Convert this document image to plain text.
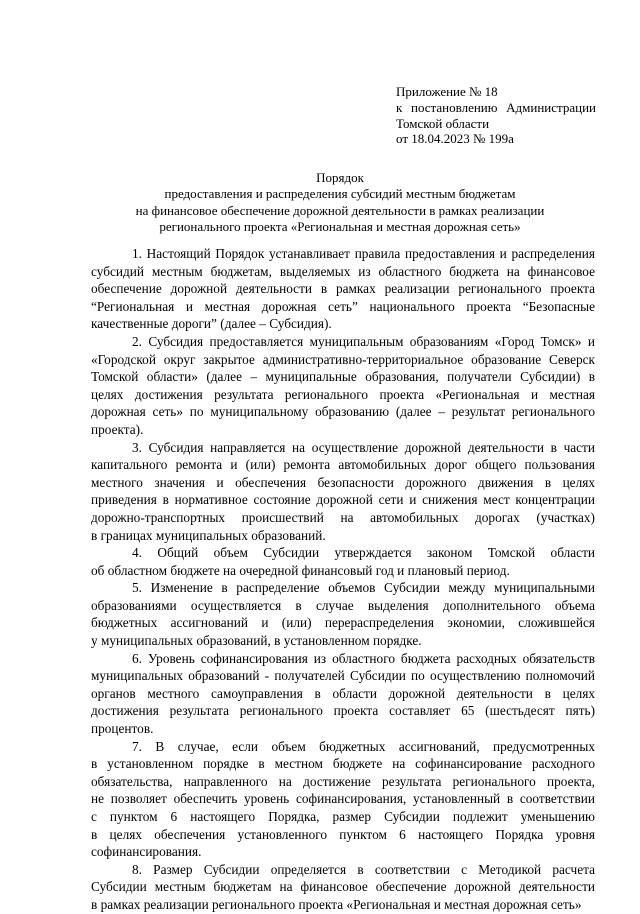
Приложение № 18
к постановлению Администрации
Томской области
от 18.04.2023 № 199а
Порядок
предоставления и распределения субсидий местным бюджетам
на финансовое обеспечение дорожной деятельности в рамках реализации
регионального проекта «Региональная и местная дорожная сеть»
1. Настоящий Порядок устанавливает правила предоставления и распределения
субсидий местным бюджетам, выделяемых из областного бюджета на финансовое
обеспечение дорожной деятельности в рамках реализации регионального проекта
“Региональная и местная дорожная сеть” национального проекта “Безопасные
качественные дороги” (далее – Субсидия).
2. Субсидия предоставляется муниципальным образованиям «Город Томск» и
«Городской округ закрытое административно-территориальное образование Северск
Томской области» (далее – муниципальные образования, получатели Субсидии) в
целях достижения результата регионального проекта «Региональная и местная
дорожная сеть» по муниципальному образованию (далее – результат регионального
проекта).
3. Субсидия направляется на осуществление дорожной деятельности в части
капитального ремонта и (или) ремонта автомобильных дорог общего пользования
местного значения и обеспечения безопасности дорожного движения в целях
приведения в нормативное состояние дорожной сети и снижения мест концентрации
дорожно-транспортных происшествий на автомобильных дорогах (участках)
в границах муниципальных образований.
4. Общий объем Субсидии утверждается законом Томской области
об областном бюджете на очередной финансовый год и плановый период.
5. Изменение в распределение объемов Субсидии между муниципальными
образованиями осуществляется в случае выделения дополнительного объема
бюджетных ассигнований и (или) перераспределения экономии, сложившейся
у муниципальных образований, в установленном порядке.
6. Уровень софинансирования из областного бюджета расходных обязательств
муниципальных образований - получателей Субсидии по осуществлению полномочий
органов местного самоуправления в области дорожной деятельности в целях
достижения результата регионального проекта составляет 65 (шестьдесят пять)
процентов.
7. В случае, если объем бюджетных ассигнований, предусмотренных
в установленном порядке в местном бюджете на софинансирование расходного
обязательства, направленного на достижение результата регионального проекта,
не позволяет обеспечить уровень софинансирования, установленный в соответствии
с пунктом 6 настоящего Порядка, размер Субсидии подлежит уменьшению
в целях обеспечения установленного пунктом 6 настоящего Порядка уровня
софинансирования.
8. Размер Субсидии определяется в соответствии с Методикой расчета
Субсидии местным бюджетам на финансовое обеспечение дорожной деятельности
в рамках реализации регионального проекта «Региональная и местная дорожная сеть»
